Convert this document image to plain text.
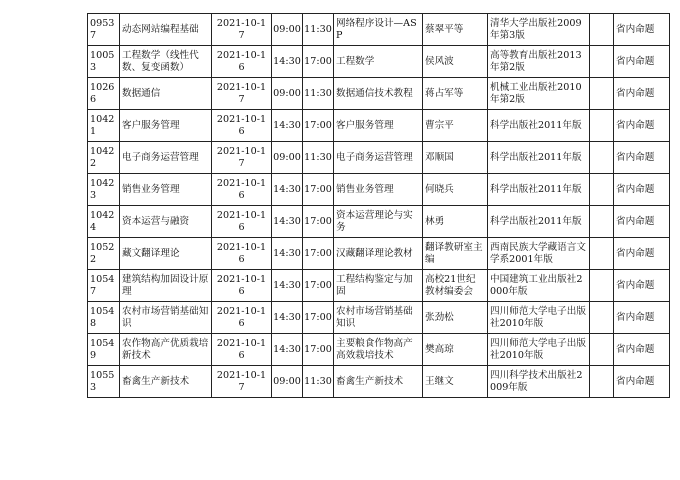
09537	动态网站编程基础	2021-10-17	09:00	11:30	网络程序设计—ASP	蔡翠平等	清华大学出版社2009年第3版		省内命题
10053	工程数学（线性代数、复变函数）	2021-10-16	14:30	17:00	工程数学	侯风波	高等教育出版社2013年第2版		省内命题
10266	数据通信	2021-10-17	09:00	11:30	数据通信技术教程	蒋占军等	机械工业出版社2010年第2版		省内命题
10421	客户服务管理	2021-10-16	14:30	17:00	客户服务管理	曹宗平	科学出版社2011年版		省内命题
10422	电子商务运营管理	2021-10-17	09:00	11:30	电子商务运营管理	邓顺国	科学出版社2011年版		省内命题
10423	销售业务管理	2021-10-16	14:30	17:00	销售业务管理	何晓兵	科学出版社2011年版		省内命题
10424	资本运营与融资	2021-10-16	14:30	17:00	资本运营理论与实务	林勇	科学出版社2011年版		省内命题
10522	藏文翻译理论	2021-10-16	14:30	17:00	汉藏翻译理论教材	翻译教研室主编	西南民族大学藏语言文学系2001年版		省内命题
10547	建筑结构加固设计原理	2021-10-16	14:30	17:00	工程结构鉴定与加固	高校21世纪教材编委会	中国建筑工业出版社2000年版		省内命题
10548	农村市场营销基础知识	2021-10-16	14:30	17:00	农村市场营销基础知识	张劲松	四川师范大学电子出版社2010年版		省内命题
10549	农作物高产优质栽培新技术	2021-10-16	14:30	17:00	主要粮食作物高产高效栽培技术	樊高琼	四川师范大学电子出版社2010年版		省内命题
10553	畜禽生产新技术	2021-10-17	09:00	11:30	畜禽生产新技术	王继文	四川科学技术出版社2009年版		省内命题
